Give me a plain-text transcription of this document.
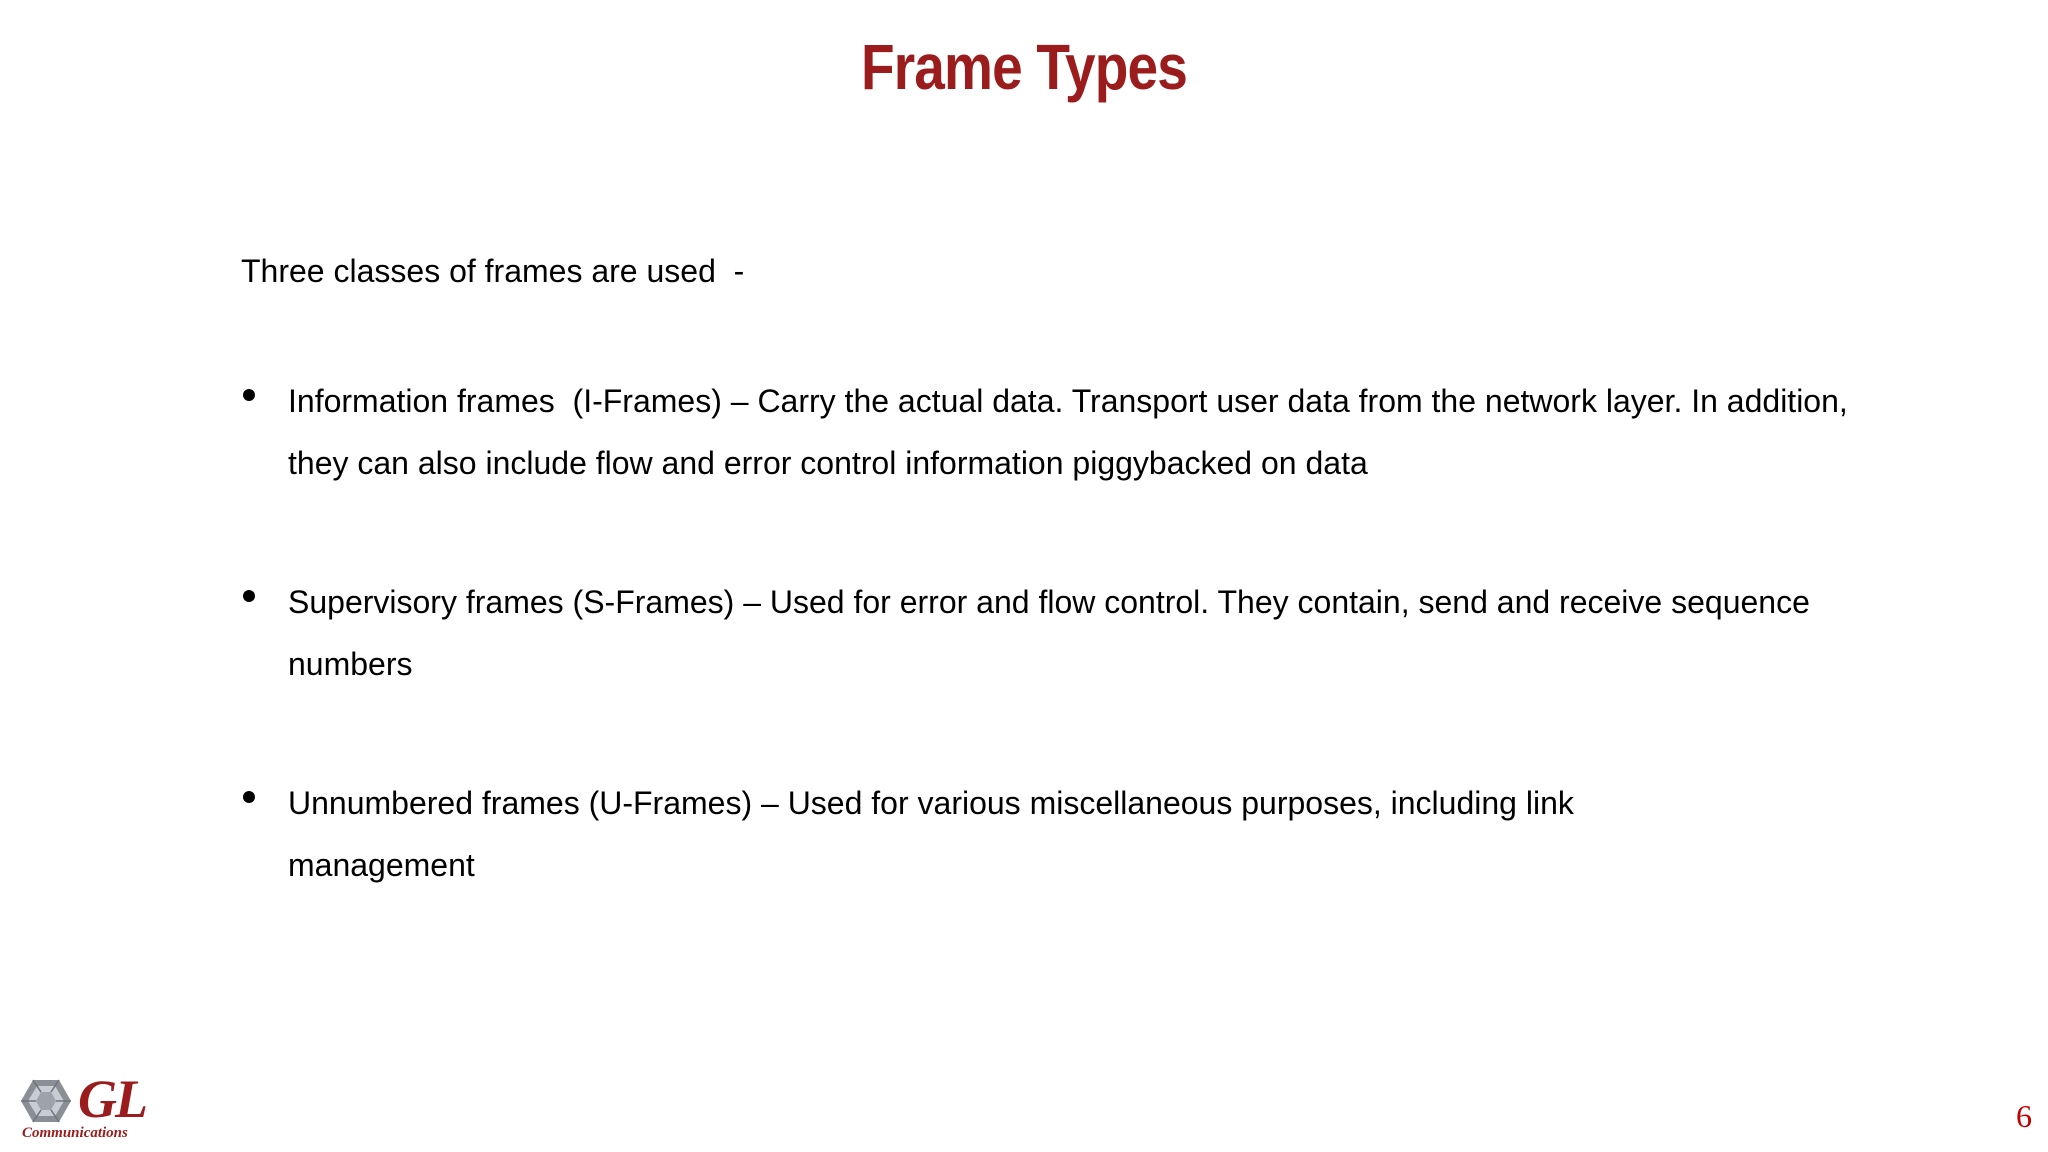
Frame Types
Three classes of frames are used  -
Information frames  (I-Frames) – Carry the actual data. Transport user data from the network layer. In addition, they can also include flow and error control information piggybacked on data
Supervisory frames (S-Frames) – Used for error and flow control. They contain, send and receive sequence numbers
Unnumbered frames (U-Frames) – Used for various miscellaneous purposes, including link management
GL
Communications	6
